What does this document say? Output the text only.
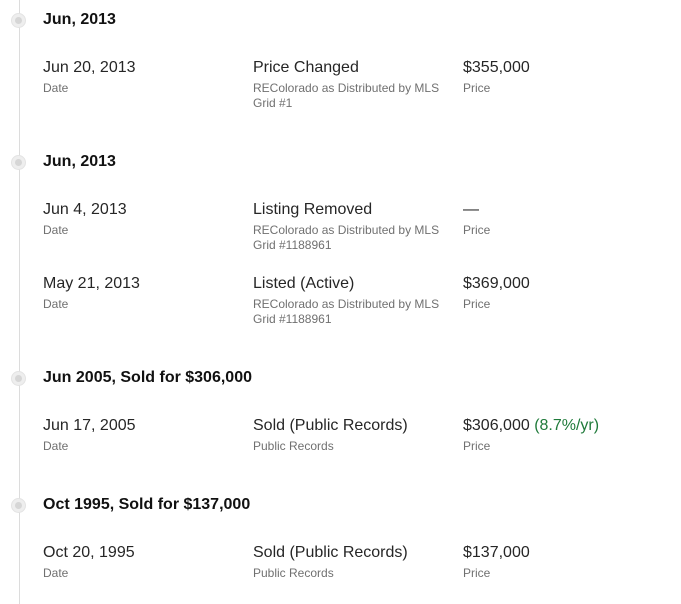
Jun, 2013
Jun 20, 2013
Date
Price Changed
REColorado as Distributed by MLS Grid #1
$355,000
Price
Jun, 2013
Jun 4, 2013
Date
Listing Removed
REColorado as Distributed by MLS Grid #1188961
—
Price
May 21, 2013
Date
Listed (Active)
REColorado as Distributed by MLS Grid #1188961
$369,000
Price
Jun 2005, Sold for $306,000
Jun 17, 2005
Date
Sold (Public Records)
Public Records
$306,000 (8.7%/yr)
Price
Oct 1995, Sold for $137,000
Oct 20, 1995
Date
Sold (Public Records)
Public Records
$137,000
Price
